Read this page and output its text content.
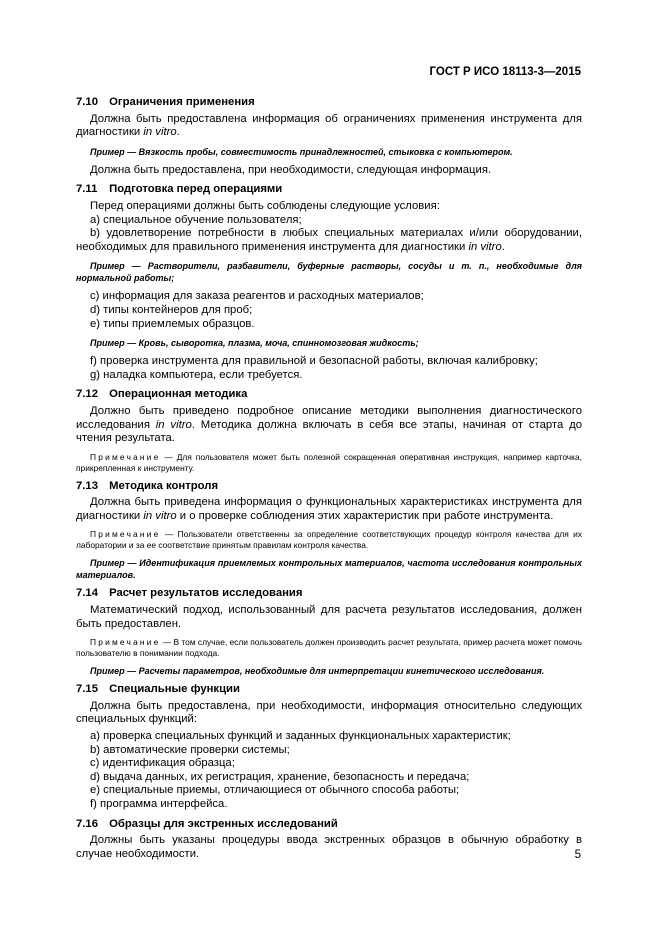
ГОСТ Р ИСО 18113-3—2015
7.10 Ограничения применения
Должна быть предоставлена информация об ограничениях применения инструмента для диагностики in vitro.
Пример — Вязкость пробы, совместимость принадлежностей, стыковка с компьютером.
Должна быть предоставлена, при необходимости, следующая информация.
7.11 Подготовка перед операциями
Перед операциями должны быть соблюдены следующие условия:
a) специальное обучение пользователя;
b) удовлетворение потребности в любых специальных материалах и/или оборудовании, необходимых для правильного применения инструмента для диагностики in vitro.
Пример — Растворители, разбавители, буферные растворы, сосуды и т. п., необходимые для нормальной работы;
c) информация для заказа реагентов и расходных материалов;
d) типы контейнеров для проб;
e) типы приемлемых образцов.
Пример — Кровь, сыворотка, плазма, моча, спинномозговая жидкость;
f) проверка инструмента для правильной и безопасной работы, включая калибровку;
g) наладка компьютера, если требуется.
7.12 Операционная методика
Должно быть приведено подробное описание методики выполнения диагностического исследования in vitro. Методика должна включать в себя все этапы, начиная от старта до чтения результата.
Примечание — Для пользователя может быть полезной сокращенная оперативная инструкция, например карточка, прикрепленная к инструменту.
7.13 Методика контроля
Должна быть приведена информация о функциональных характеристиках инструмента для диагностики in vitro и о проверке соблюдения этих характеристик при работе инструмента.
Примечание — Пользователи ответственны за определение соответствующих процедур контроля качества для их лаборатории и за ее соответствие принятым правилам контроля качества.
Пример — Идентификация приемлемых контрольных материалов, частота исследования контрольных материалов.
7.14 Расчет результатов исследования
Математический подход, использованный для расчета результатов исследования, должен быть предоставлен.
Примечание — В том случае, если пользователь должен производить расчет результата, пример расчета может помочь пользователю в понимании подхода.
Пример — Расчеты параметров, необходимые для интерпретации кинетического исследования.
7.15 Специальные функции
Должна быть предоставлена, при необходимости, информация относительно следующих специальных функций:
a) проверка специальных функций и заданных функциональных характеристик;
b) автоматические проверки системы;
c) идентификация образца;
d) выдача данных, их регистрация, хранение, безопасность и передача;
e) специальные приемы, отличающиеся от обычного способа работы;
f) программа интерфейса.
7.16 Образцы для экстренных исследований
Должны быть указаны процедуры ввода экстренных образцов в обычную обработку в случае необходимости.	5
